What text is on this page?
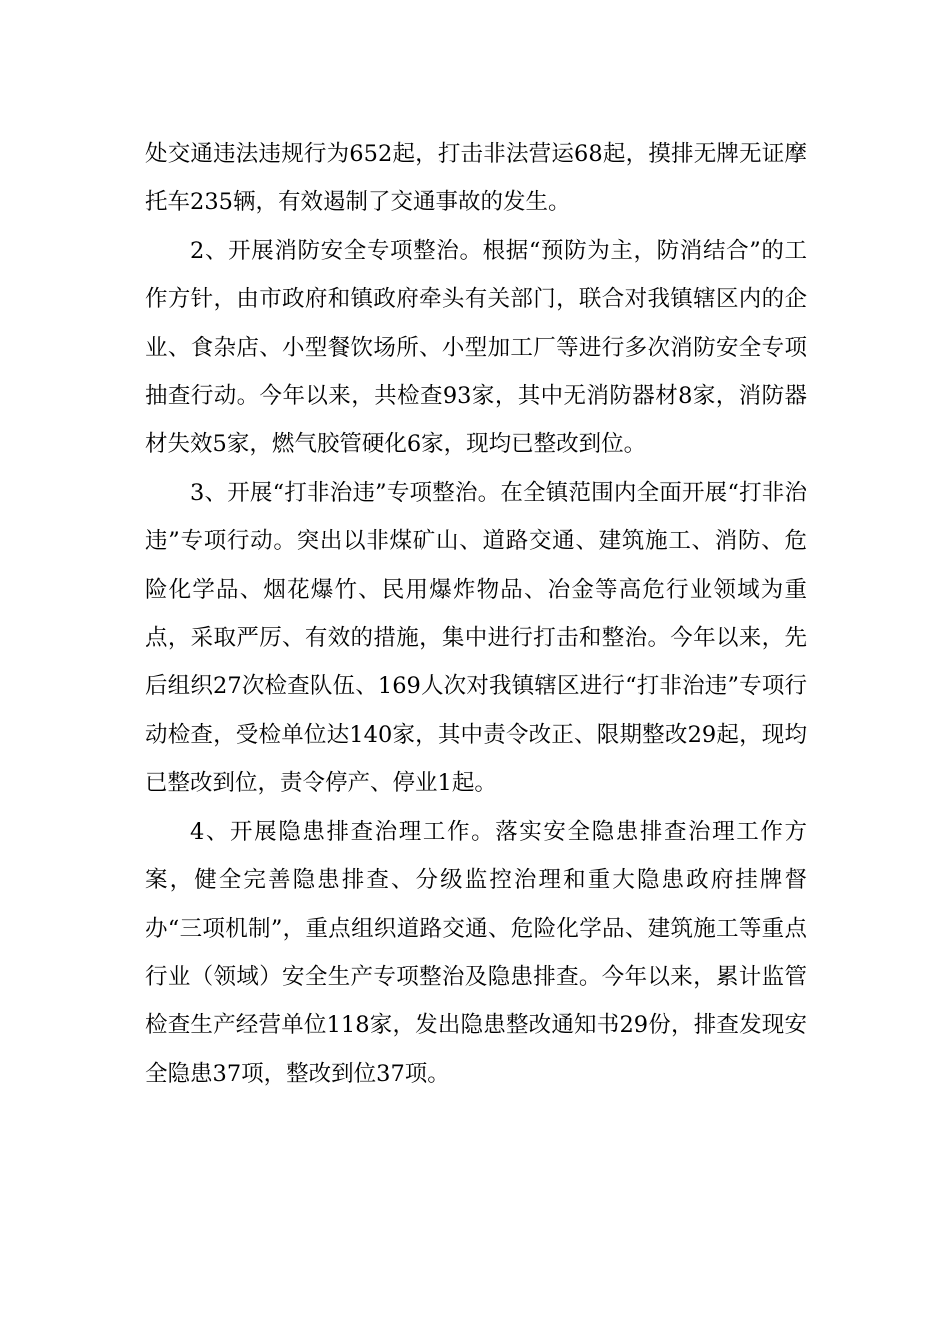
处交通违法违规行为652起，打击非法营运68起，摸排无牌无证摩托车235辆，有效遏制了交通事故的发生。

2、开展消防安全专项整治。根据“预防为主，防消结合”的工作方针，由市政府和镇政府牵头有关部门，联合对我镇辖区内的企业、食杂店、小型餐饮场所、小型加工厂等进行多次消防安全专项抽查行动。今年以来，共检查93家，其中无消防器材8家，消防器材失效5家，燃气胶管硬化6家，现均已整改到位。

3、开展“打非治违”专项整治。在全镇范围内全面开展“打非治违”专项行动。突出以非煤矿山、道路交通、建筑施工、消防、危险化学品、烟花爆竹、民用爆炸物品、冶金等高危行业领域为重点，采取严厉、有效的措施，集中进行打击和整治。今年以来，先后组织27次检查队伍、169人次对我镇辖区进行“打非治违”专项行动检查，受检单位达140家，其中责令改正、限期整改29起，现均已整改到位，责令停产、停业1起。

4、开展隐患排查治理工作。落实安全隐患排查治理工作方案，健全完善隐患排查、分级监控治理和重大隐患政府挂牌督办“三项机制”，重点组织道路交通、危险化学品、建筑施工等重点行业（领域）安全生产专项整治及隐患排查。今年以来，累计监管检查生产经营单位118家，发出隐患整改通知书29份，排查发现安全隐患37项，整改到位37项。
